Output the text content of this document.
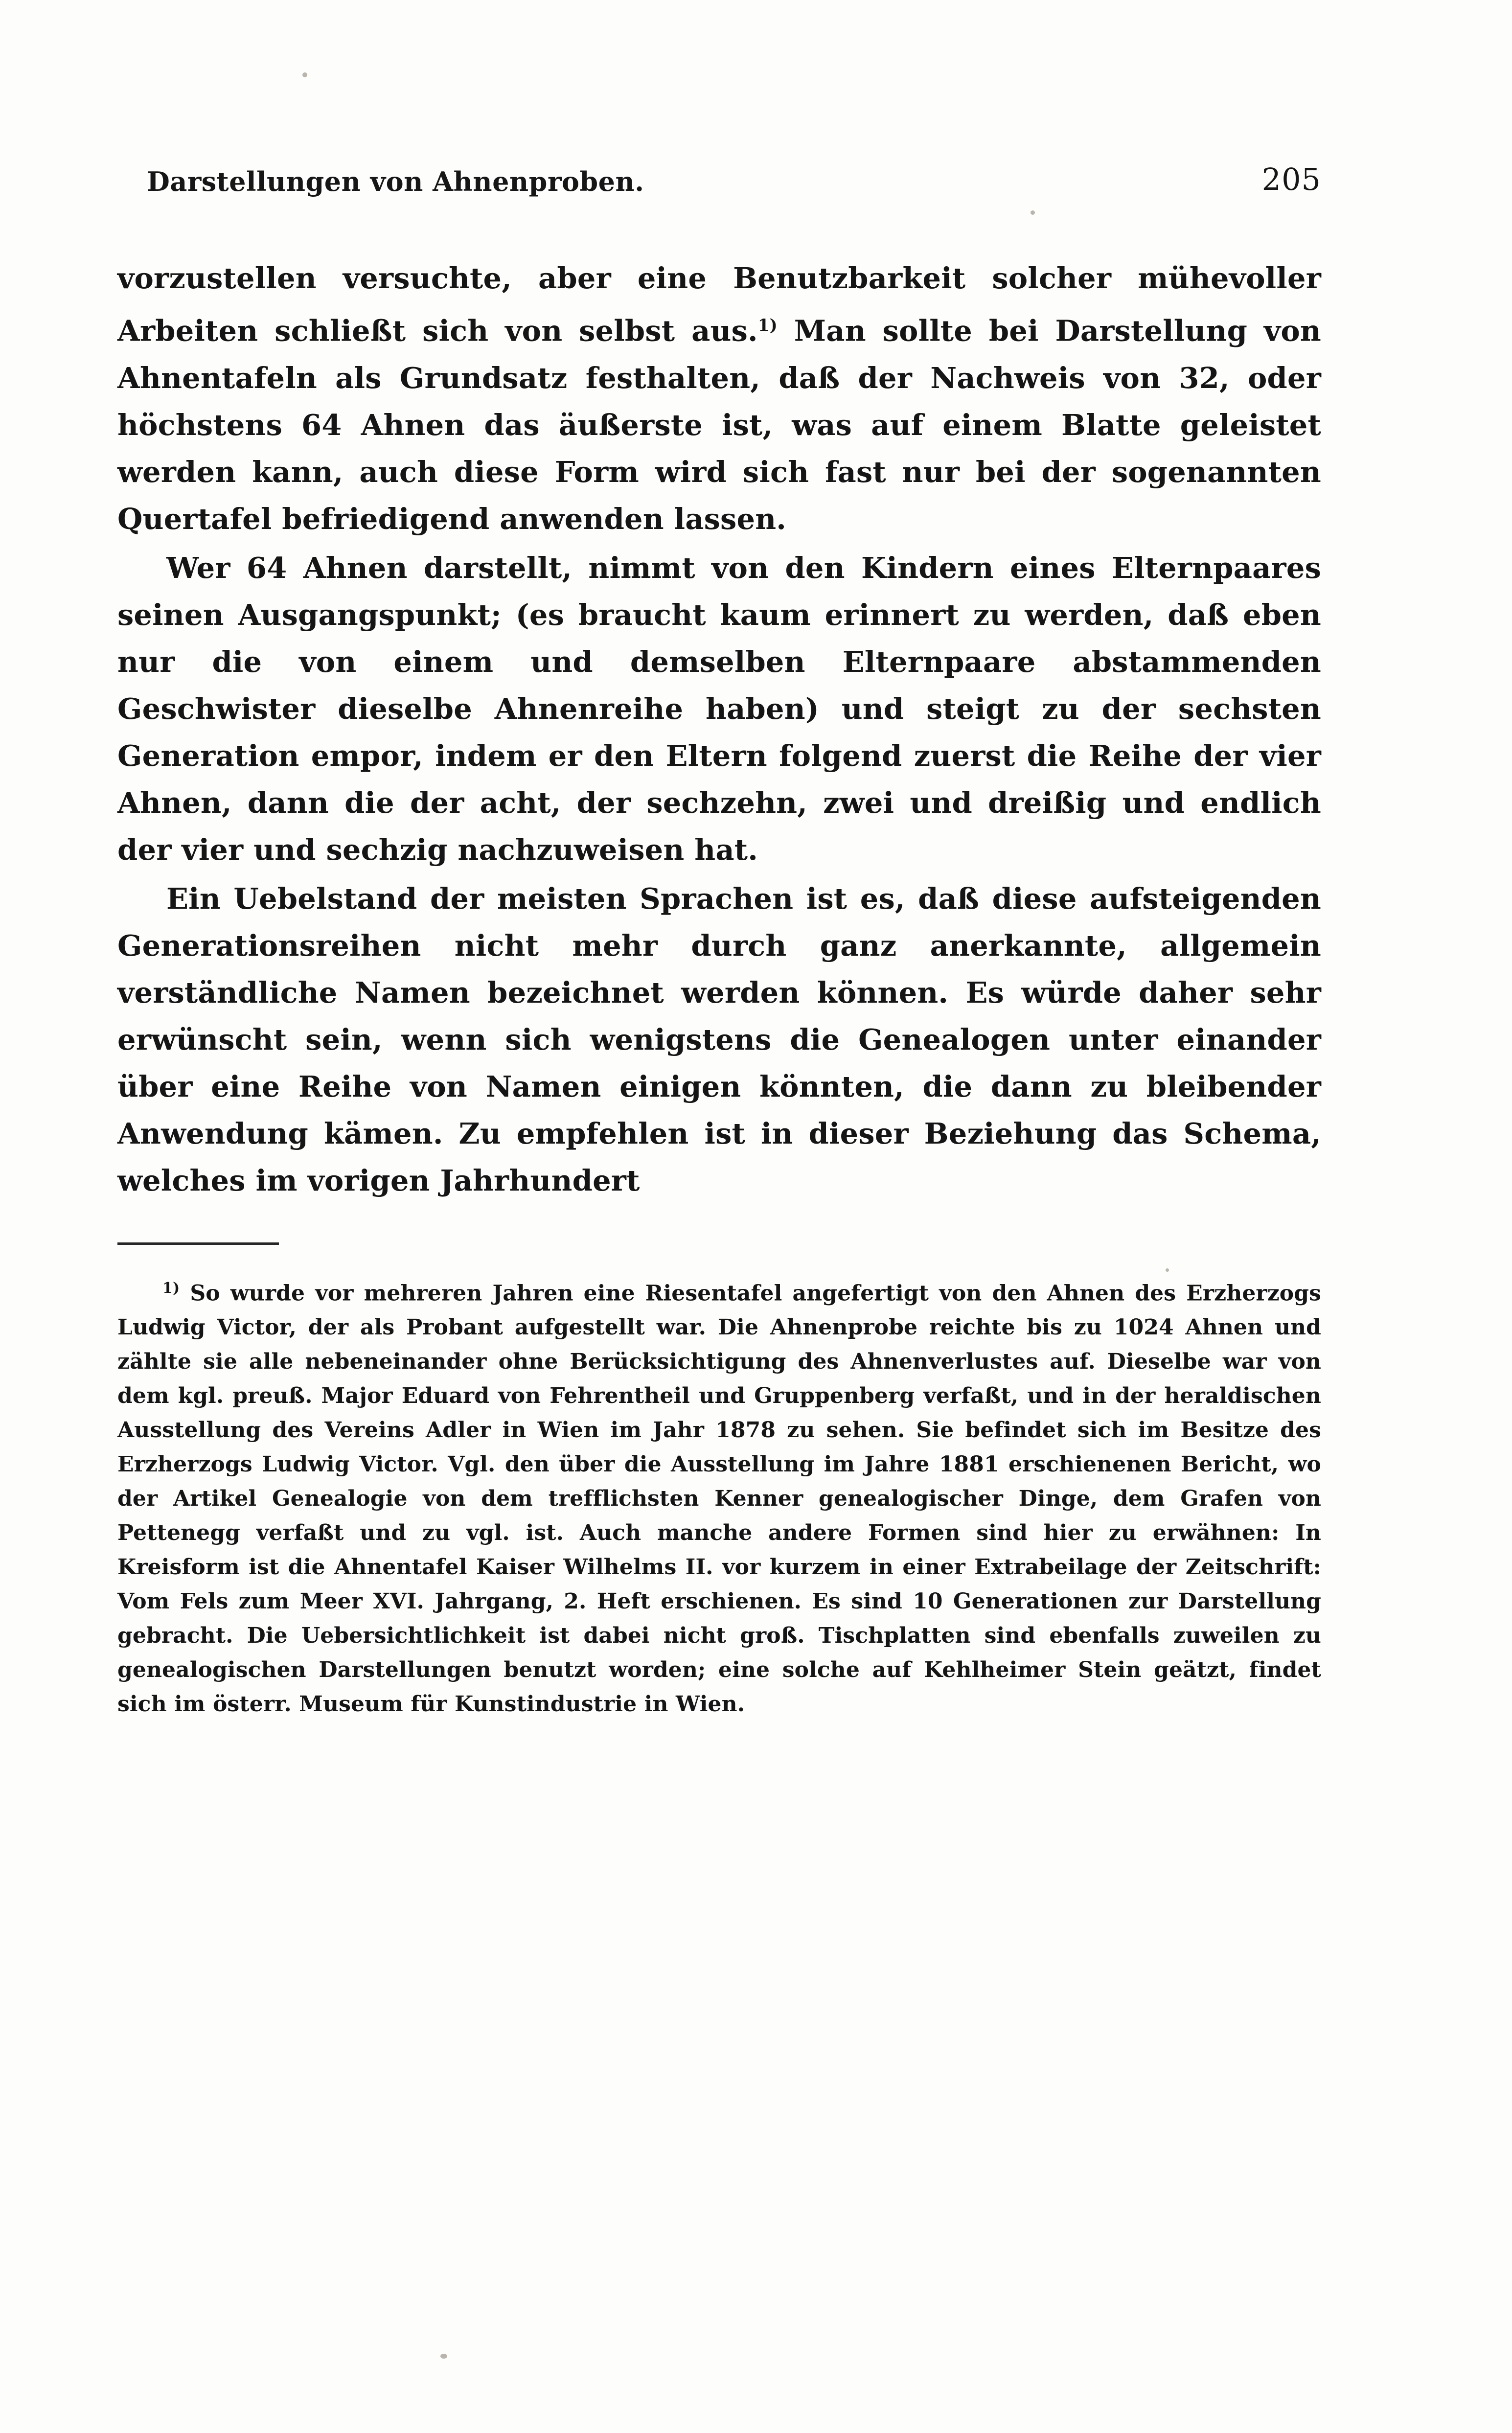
Darstellungen von Ahnenproben.	205

vorzustellen versuchte, aber eine Benutzbarkeit solcher mühevoller Arbeiten schließt sich von selbst aus.$^{1)}$ Man sollte bei Darstellung von Ahnentafeln als Grundsatz festhalten, daß der Nachweis von 32, oder höchstens 64 Ahnen das äußerste ist, was auf einem Blatte geleistet werden kann, auch diese Form wird sich fast nur bei der sogenannten Quertafel befriedigend anwenden lassen.

Wer 64 Ahnen darstellt, nimmt von den Kindern eines Elternpaares seinen Ausgangspunkt; (es braucht kaum erinnert zu werden, daß eben nur die von einem und demselben Elternpaare abstammenden Geschwister dieselbe Ahnenreihe haben) und steigt zu der sechsten Generation empor, indem er den Eltern folgend zuerst die Reihe der vier Ahnen, dann die der acht, der sechzehn, zwei und dreißig und endlich der vier und sechzig nachzuweisen hat.

Ein Uebelstand der meisten Sprachen ist es, daß diese aufsteigenden Generationsreihen nicht mehr durch ganz anerkannte, allgemein verständliche Namen bezeichnet werden können. Es würde daher sehr erwünscht sein, wenn sich wenigstens die Genealogen unter einander über eine Reihe von Namen einigen könnten, die dann zu bleibender Anwendung kämen. Zu empfehlen ist in dieser Beziehung das Schema, welches im vorigen Jahrhundert

$^{1)}$ So wurde vor mehreren Jahren eine Riesentafel angefertigt von den Ahnen des Erzherzogs Ludwig Victor, der als Probant aufgestellt war. Die Ahnenprobe reichte bis zu 1024 Ahnen und zählte sie alle nebeneinander ohne Berücksichtigung des Ahnenverlustes auf. Dieselbe war von dem kgl. preuß. Major Eduard von Fehrentheil und Gruppenberg verfaßt, und in der heraldischen Ausstellung des Vereins Adler in Wien im Jahr 1878 zu sehen. Sie befindet sich im Besitze des Erzherzogs Ludwig Victor. Vgl. den über die Ausstellung im Jahre 1881 erschienenen Bericht, wo der Artikel Genealogie von dem trefflichsten Kenner genealogischer Dinge, dem Grafen von Pettenegg verfaßt und zu vgl. ist. Auch manche andere Formen sind hier zu erwähnen: In Kreisform ist die Ahnentafel Kaiser Wilhelms II. vor kurzem in einer Extrabeilage der Zeitschrift: Vom Fels zum Meer XVI. Jahrgang, 2. Heft erschienen. Es sind 10 Generationen zur Darstellung gebracht. Die Uebersichtlichkeit ist dabei nicht groß. Tischplatten sind ebenfalls zuweilen zu genealogischen Darstellungen benutzt worden; eine solche auf Kehlheimer Stein geätzt, findet sich im österr. Museum für Kunstindustrie in Wien.
